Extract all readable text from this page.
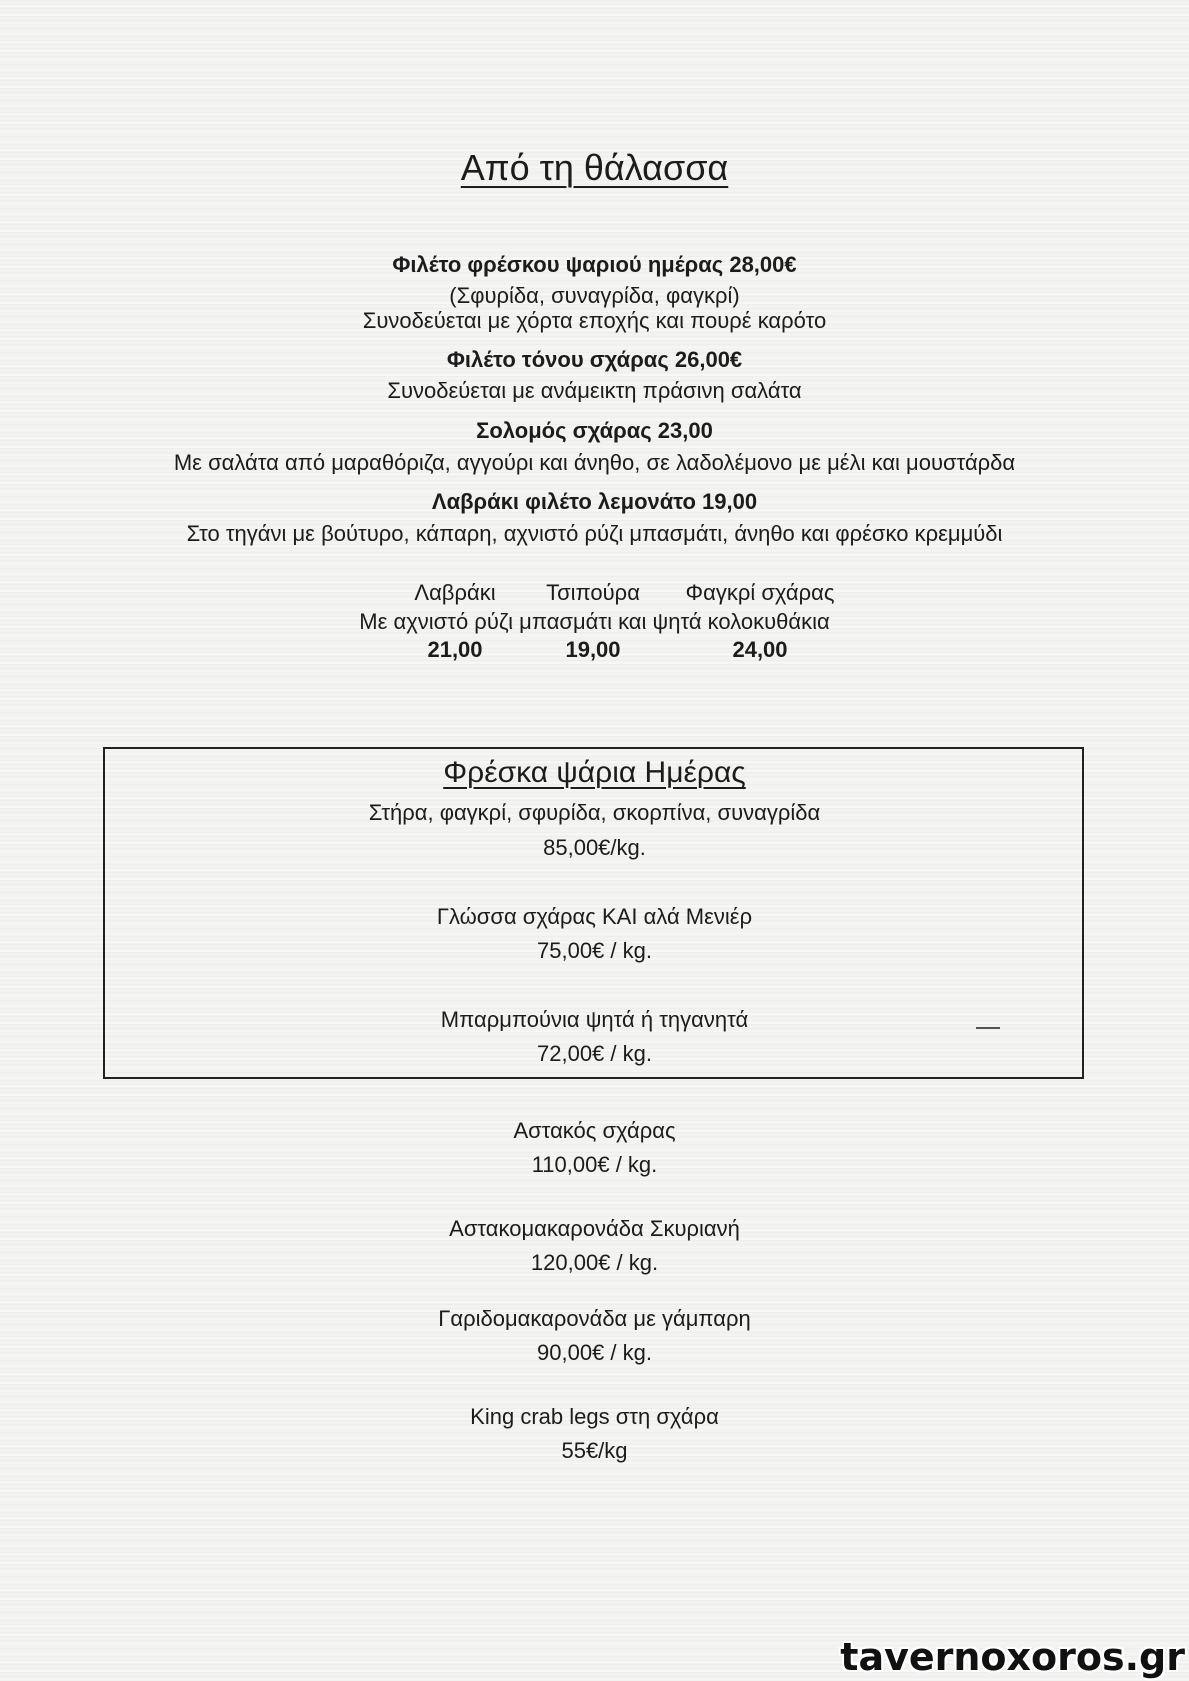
Από τη θάλασσα
Φιλέτο φρέσκου ψαριού ημέρας 28,00€
(Σφυρίδα, συναγρίδα, φαγκρί)
Συνοδεύεται με χόρτα εποχής και πουρέ καρότο
Φιλέτο τόνου σχάρας 26,00€
Συνοδεύεται με ανάμεικτη πράσινη σαλάτα
Σολομός σχάρας 23,00
Με σαλάτα από μαραθόριζα, αγγούρι και άνηθο, σε λαδολέμονο με μέλι και μουστάρδα
Λαβράκι φιλέτο λεμονάτο 19,00
Στο τηγάνι με βούτυρο, κάπαρη, αχνιστό ρύζι μπασμάτι, άνηθο και φρέσκο κρεμμύδι
Λαβράκι	Τσιπούρα	Φαγκρί σχάρας
Με αχνιστό ρύζι μπασμάτι και ψητά κολοκυθάκια
21,00	19,00	24,00
Φρέσκα ψάρια Ημέρας
Στήρα, φαγκρί, σφυρίδα, σκορπίνα, συναγρίδα
85,00€/kg.
Γλώσσα σχάρας ΚΑΙ αλά Μενιέρ
75,00€ / kg.
Μπαρμπούνια ψητά ή τηγανητά
72,00€ / kg.
Αστακός σχάρας
110,00€ / kg.
Αστακομακαρονάδα Σκυριανή
120,00€ / kg.
Γαριδομακαρονάδα με γάμπαρη
90,00€ / kg.
King crab legs στη σχάρα
55€/kg
tavernoxoros.gr
